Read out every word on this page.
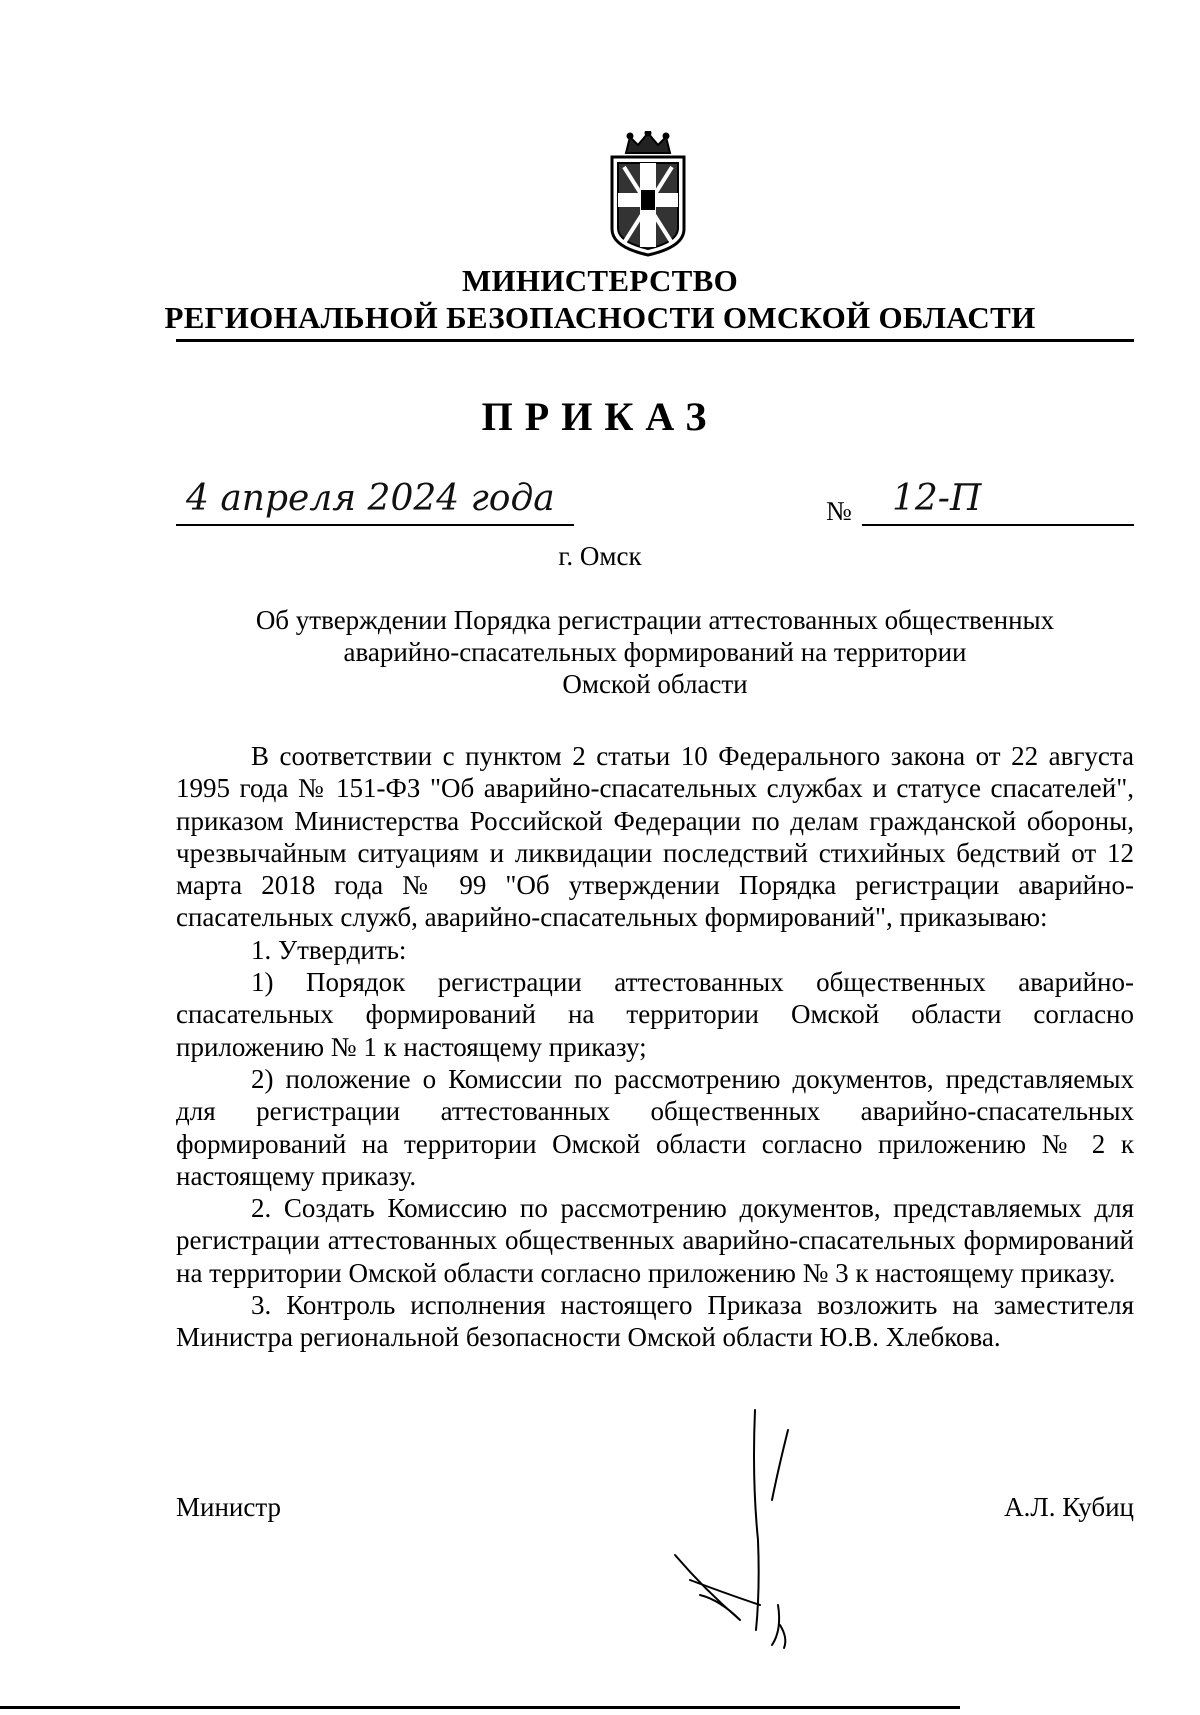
МИНИСТЕРСТВО
РЕГИОНАЛЬНОЙ БЕЗОПАСНОСТИ ОМСКОЙ ОБЛАСТИ
ПРИКАЗ
4 апреля 2024 года	№ 12-П
г. Омск
Об утверждении Порядка регистрации аттестованных общественных
аварийно-спасательных формирований на территории
Омской области

В соответствии с пунктом 2 статьи 10 Федерального закона от 22 августа 1995 года № 151-ФЗ "Об аварийно-спасательных службах и статусе спасателей", приказом Министерства Российской Федерации по делам гражданской обороны, чрезвычайным ситуациям и ликвидации последствий стихийных бедствий от 12 марта 2018 года № 99 "Об утверждении Порядка регистрации аварийно-спасательных служб, аварийно-спасательных формирований", приказываю:

1. Утвердить:

1) Порядок регистрации аттестованных общественных аварийно-спасательных формирований на территории Омской области согласно приложению № 1 к настоящему приказу;

2) положение о Комиссии по рассмотрению документов, представляемых для регистрации аттестованных общественных аварийно-спасательных формирований на территории Омской области согласно приложению № 2 к настоящему приказу.

2. Создать Комиссию по рассмотрению документов, представляемых для регистрации аттестованных общественных аварийно-спасательных формирований на территории Омской области согласно приложению № 3 к настоящему приказу.

3. Контроль исполнения настоящего Приказа возложить на заместителя Министра региональной безопасности Омской области Ю.В. Хлебкова.

Министр	А.Л. Кубиц
